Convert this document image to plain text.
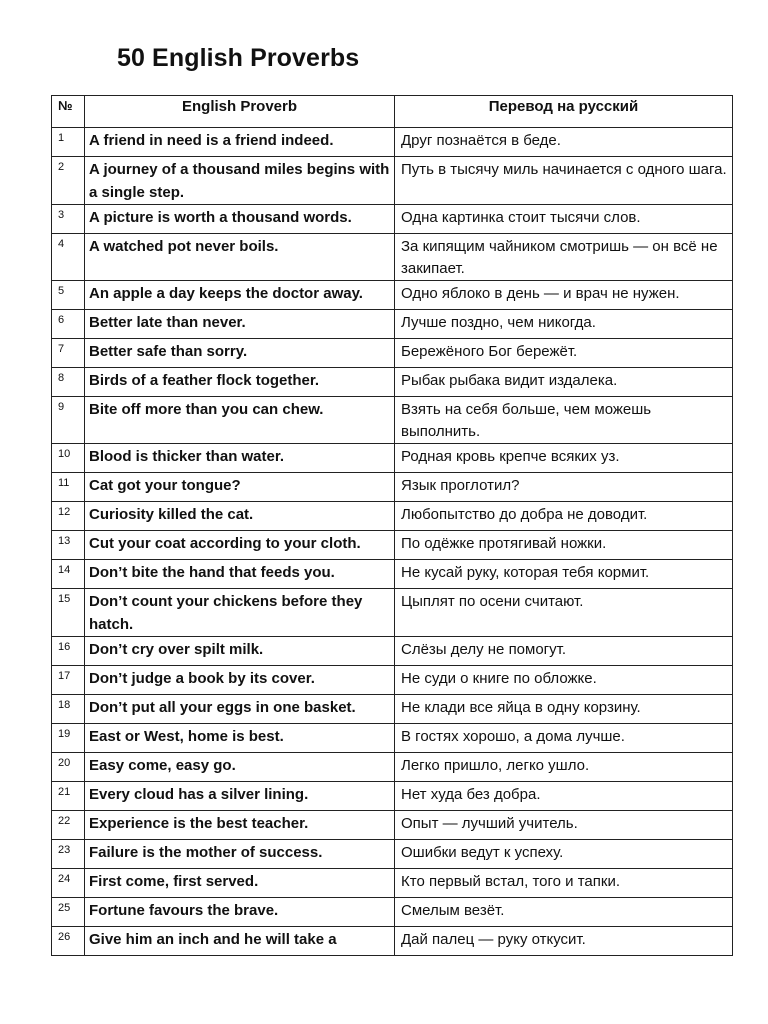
50 English Proverbs
№	English Proverb	Перевод на русский

1	A friend in need is a friend indeed.	Друг познаётся в беде.

2	A journey of a thousand miles begins with a single step.	Путь в тысячу миль начинается с одного шага.

3	A picture is worth a thousand words.	Одна картинка стоит тысячи слов.

4	A watched pot never boils.	За кипящим чайником смотришь — он всё не закипает.

5	An apple a day keeps the doctor away.	Одно яблоко в день — и врач не нужен.

6	Better late than never.	Лучше поздно, чем никогда.

7	Better safe than sorry.	Бережёного Бог бережёт.

8	Birds of a feather flock together.	Рыбак рыбака видит издалека.

9	Bite off more than you can chew.	Взять на себя больше, чем можешь выполнить.

10	Blood is thicker than water.	Родная кровь крепче всяких уз.

11	Cat got your tongue?	Язык проглотил?

12	Curiosity killed the cat.	Любопытство до добра не доводит.

13	Cut your coat according to your cloth.	По одёжке протягивай ножки.

14	Don’t bite the hand that feeds you.	Не кусай руку, которая тебя кормит.

15	Don’t count your chickens before they hatch.	Цыплят по осени считают.

16	Don’t cry over spilt milk.	Слёзы делу не помогут.

17	Don’t judge a book by its cover.	Не суди о книге по обложке.

18	Don’t put all your eggs in one basket.	Не клади все яйца в одну корзину.

19	East or West, home is best.	В гостях хорошо, а дома лучше.

20	Easy come, easy go.	Легко пришло, легко ушло.

21	Every cloud has a silver lining.	Нет худа без добра.

22	Experience is the best teacher.	Опыт — лучший учитель.

23	Failure is the mother of success.	Ошибки ведут к успеху.

24	First come, first served.	Кто первый встал, того и тапки.

25	Fortune favours the brave.	Смелым везёт.

26	Give him an inch and he will take a	Дай палец — руку откусит.
